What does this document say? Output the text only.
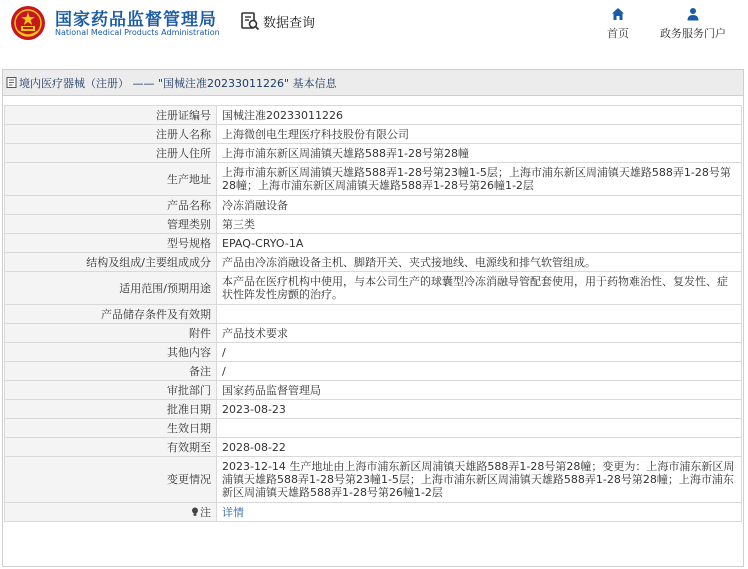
国家药品监督管理局
National Medical Products Administration
数据查询
首页	政务服务门户
境内医疗器械（注册） —— "国械注准20233011226" 基本信息
注册证编号	国械注准20233011226
注册人名称	上海微创电生理医疗科技股份有限公司
注册人住所	上海市浦东新区周浦镇天雄路588弄1-28号第28幢
生产地址	上海市浦东新区周浦镇天雄路588弄1-28号第23幢1-5层；上海市浦东新区周浦镇天雄路588弄1-28号第28幢；上海市浦东新区周浦镇天雄路588弄1-28号第26幢1-2层
产品名称	冷冻消融设备
管理类别	第三类
型号规格	EPAQ-CRYO-1A
结构及组成/主要组成成分	产品由冷冻消融设备主机、脚踏开关、夹式接地线、电源线和排气软管组成。
适用范围/预期用途	本产品在医疗机构中使用，与本公司生产的球囊型冷冻消融导管配套使用，用于药物难治性、复发性、症状性阵发性房颤的治疗。
产品储存条件及有效期	
附件	产品技术要求
其他内容	/
备注	/
审批部门	国家药品监督管理局
批准日期	2023-08-23
生效日期	
有效期至	2028-08-22
变更情况	2023-12-14 生产地址由上海市浦东新区周浦镇天雄路588弄1-28号第28幢；变更为：上海市浦东新区周浦镇天雄路588弄1-28号第23幢1-5层；上海市浦东新区周浦镇天雄路588弄1-28号第28幢；上海市浦东新区周浦镇天雄路588弄1-28号第26幢1-2层
注	详情
